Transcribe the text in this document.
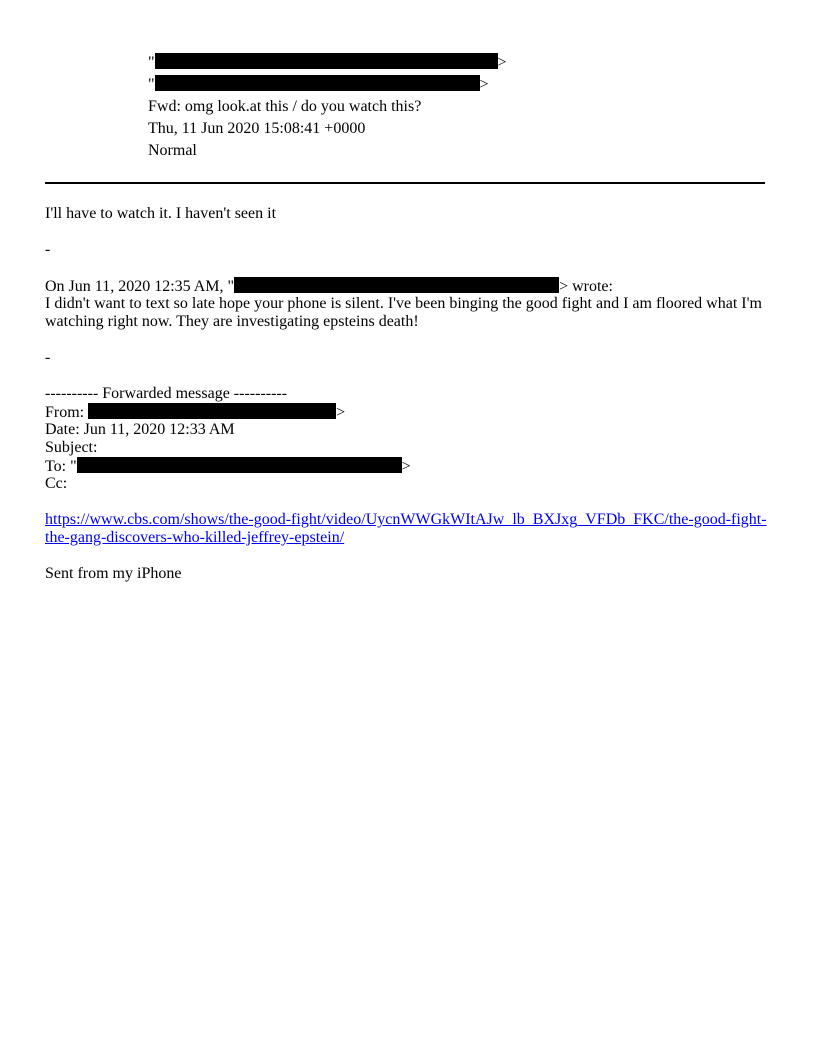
"	>
"	>
Fwd: omg look.at this / do you watch this?
Thu, 11 Jun 2020 15:08:41 +0000
Normal
I'll have to watch it. I haven't seen it
-
On Jun 11, 2020 12:35 AM, "	> wrote:
I didn't want to text so late hope your phone is silent. I've been binging the good fight and I am floored what I'm watching right now. They are investigating epsteins death!
-
---------- Forwarded message ----------
From:	>
Date: Jun 11, 2020 12:33 AM
Subject:
To: "	>
Cc:
https://www.cbs.com/shows/the-good-fight/video/UycnWWGkWItAJw_lb_BXJxg_VFDb_FKC/the-good-fight-the-gang-discovers-who-killed-jeffrey-epstein/
Sent from my iPhone
